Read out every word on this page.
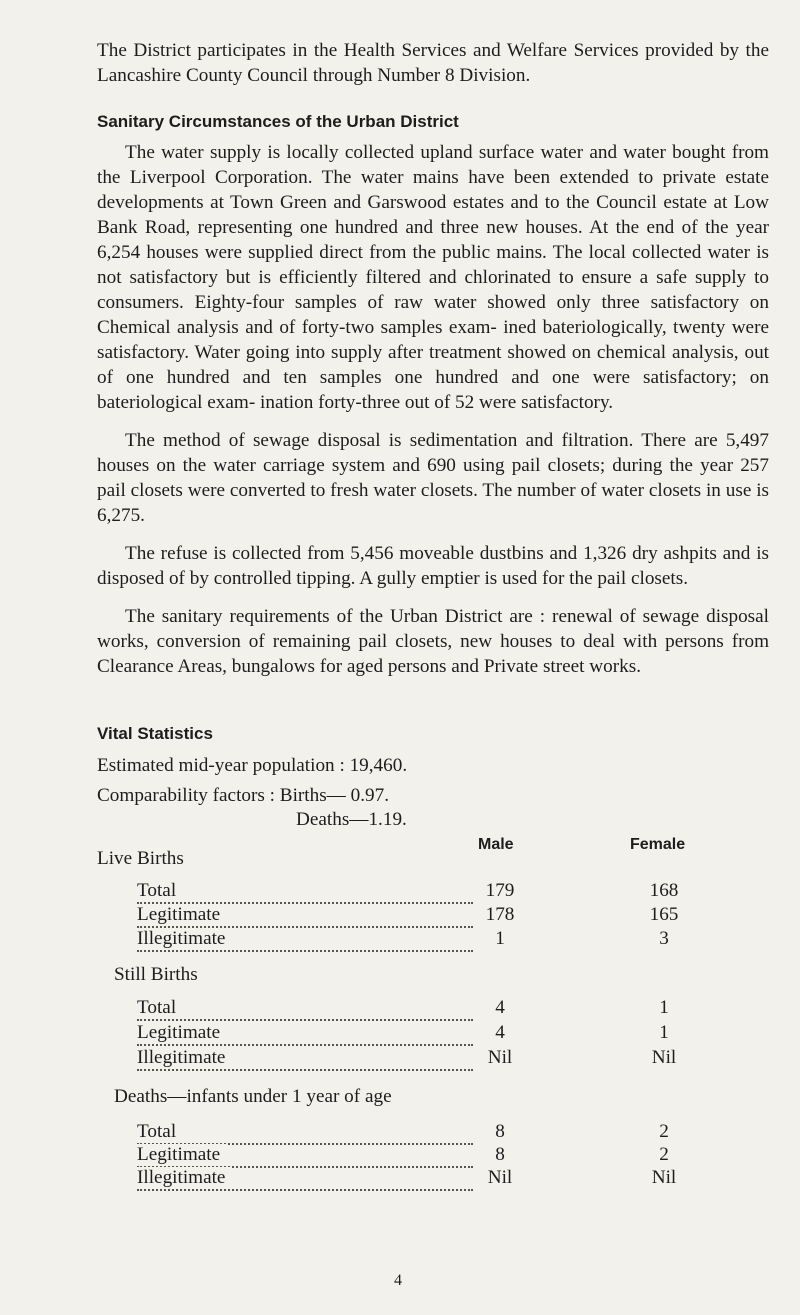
The District participates in the Health Services and Welfare Services provided by the Lancashire County Council through Number 8 Division.

Sanitary Circumstances of the Urban District

The water supply is locally collected upland surface water and water bought from the Liverpool Corporation. The water mains have been extended to private estate developments at Town Green and Garswood estates and to the Council estate at Low Bank Road, representing one hundred and three new houses. At the end of the year 6,254 houses were supplied direct from the public mains. The local collected water is not satisfactory but is efficiently filtered and chlorinated to ensure a safe supply to consumers. Eighty-four samples of raw water showed only three satisfactory on Chemical analysis and of forty-two samples exam- ined bateriologically, twenty were satisfactory. Water going into supply after treatment showed on chemical analysis, out of one hundred and ten samples one hundred and one were satisfactory; on bateriological exam- ination forty-three out of 52 were satisfactory.

The method of sewage disposal is sedimentation and filtration. There are 5,497 houses on the water carriage system and 690 using pail closets; during the year 257 pail closets were converted to fresh water closets. The number of water closets in use is 6,275.

The refuse is collected from 5,456 moveable dustbins and 1,326 dry ashpits and is disposed of by controlled tipping. A gully emptier is used for the pail closets.

The sanitary requirements of the Urban District are : renewal of sewage disposal works, conversion of remaining pail closets, new houses to deal with persons from Clearance Areas, bungalows for aged persons and Private street works.

Vital Statistics
Estimated mid-year population : 19,460.
Comparability factors : Births— 0.97.
Deaths—1.19.
Male	Female
Live Births
Total	179	168
Legitimate	178	165
Illegitimate	1	3
Still Births
Total	4	1
Legitimate	4	1
Illegitimate	Nil	Nil
Deaths—infants under 1 year of age
Total	8	2
Legitimate	8	2
Illegitimate	Nil	Nil
4
